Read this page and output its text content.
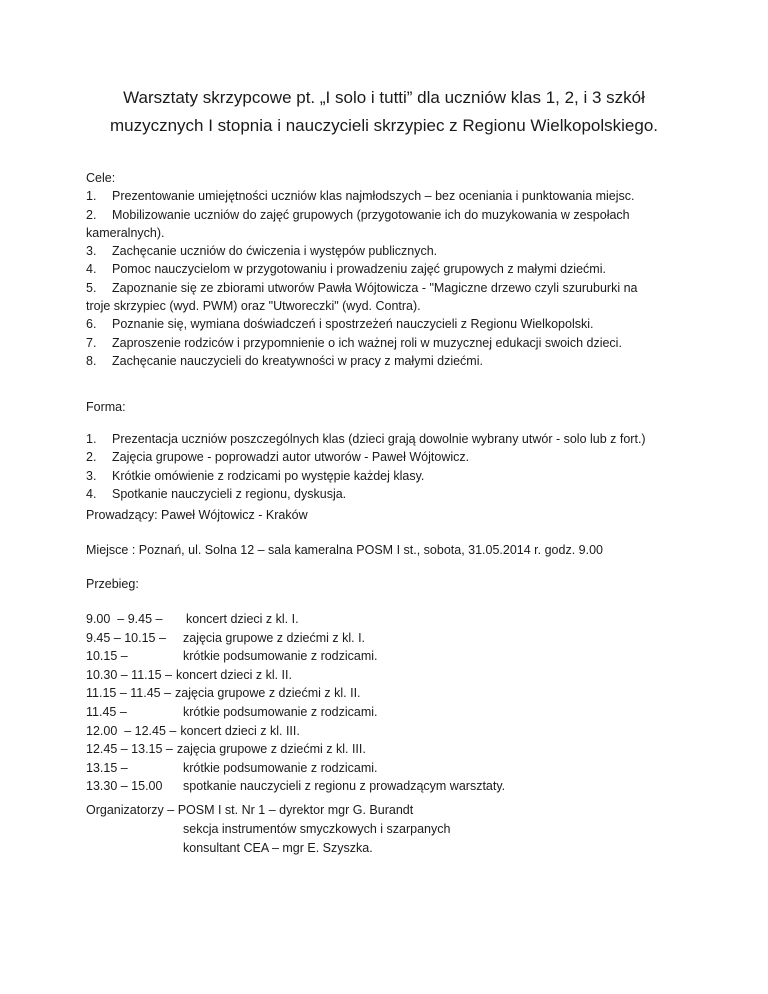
Warsztaty skrzypcowe pt. „I solo i tutti” dla uczniów klas 1, 2, i 3 szkół
muzycznych I stopnia i nauczycieli skrzypiec z Regionu Wielkopolskiego.
Cele:
1. Prezentowanie umiejętności uczniów klas najmłodszych – bez oceniania i punktowania miejsc.
2. Mobilizowanie uczniów do zajęć grupowych (przygotowanie ich do muzykowania w zespołach
kameralnych).
3. Zachęcanie uczniów do ćwiczenia i występów publicznych.
4. Pomoc nauczycielom w przygotowaniu i prowadzeniu zajęć grupowych z małymi dziećmi.
5. Zapoznanie się ze zbiorami utworów Pawła Wójtowicza - "Magiczne drzewo czyli szuruburki na
troje skrzypiec (wyd. PWM) oraz "Utworeczki" (wyd. Contra).
6. Poznanie się, wymiana doświadczeń i spostrzeżeń nauczycieli z Regionu Wielkopolski.
7. Zaproszenie rodziców i przypomnienie o ich ważnej roli w muzycznej edukacji swoich dzieci.
8. Zachęcanie nauczycieli do kreatywności w pracy z małymi dziećmi.
Forma:
1. Prezentacja uczniów poszczególnych klas (dzieci grają dowolnie wybrany utwór - solo lub z fort.)
2. Zajęcia grupowe - poprowadzi autor utworów - Paweł Wójtowicz.
3. Krótkie omówienie z rodzicami po występie każdej klasy.
4. Spotkanie nauczycieli z regionu, dyskusja.
Prowadzący: Paweł Wójtowicz - Kraków
Miejsce : Poznań, ul. Solna 12 – sala kameralna POSM I st., sobota, 31.05.2014 r. godz. 9.00
Przebieg:
9.00  – 9.45 –	koncert dzieci z kl. I.
9.45 – 10.15 –	zajęcia grupowe z dziećmi z kl. I.
10.15 –	krótkie podsumowanie z rodzicami.
10.30 – 11.15 – koncert dzieci z kl. II.
11.15 – 11.45 – zajęcia grupowe z dziećmi z kl. II.
11.45 –	krótkie podsumowanie z rodzicami.
12.00  – 12.45 – koncert dzieci z kl. III.
12.45 – 13.15 – zajęcia grupowe z dziećmi z kl. III.
13.15 –	krótkie podsumowanie z rodzicami.
13.30 – 15.00	spotkanie nauczycieli z regionu z prowadzącym warsztaty.
Organizatorzy – POSM I st. Nr 1 – dyrektor mgr G. Burandt
sekcja instrumentów smyczkowych i szarpanych
konsultant CEA – mgr E. Szyszka.
